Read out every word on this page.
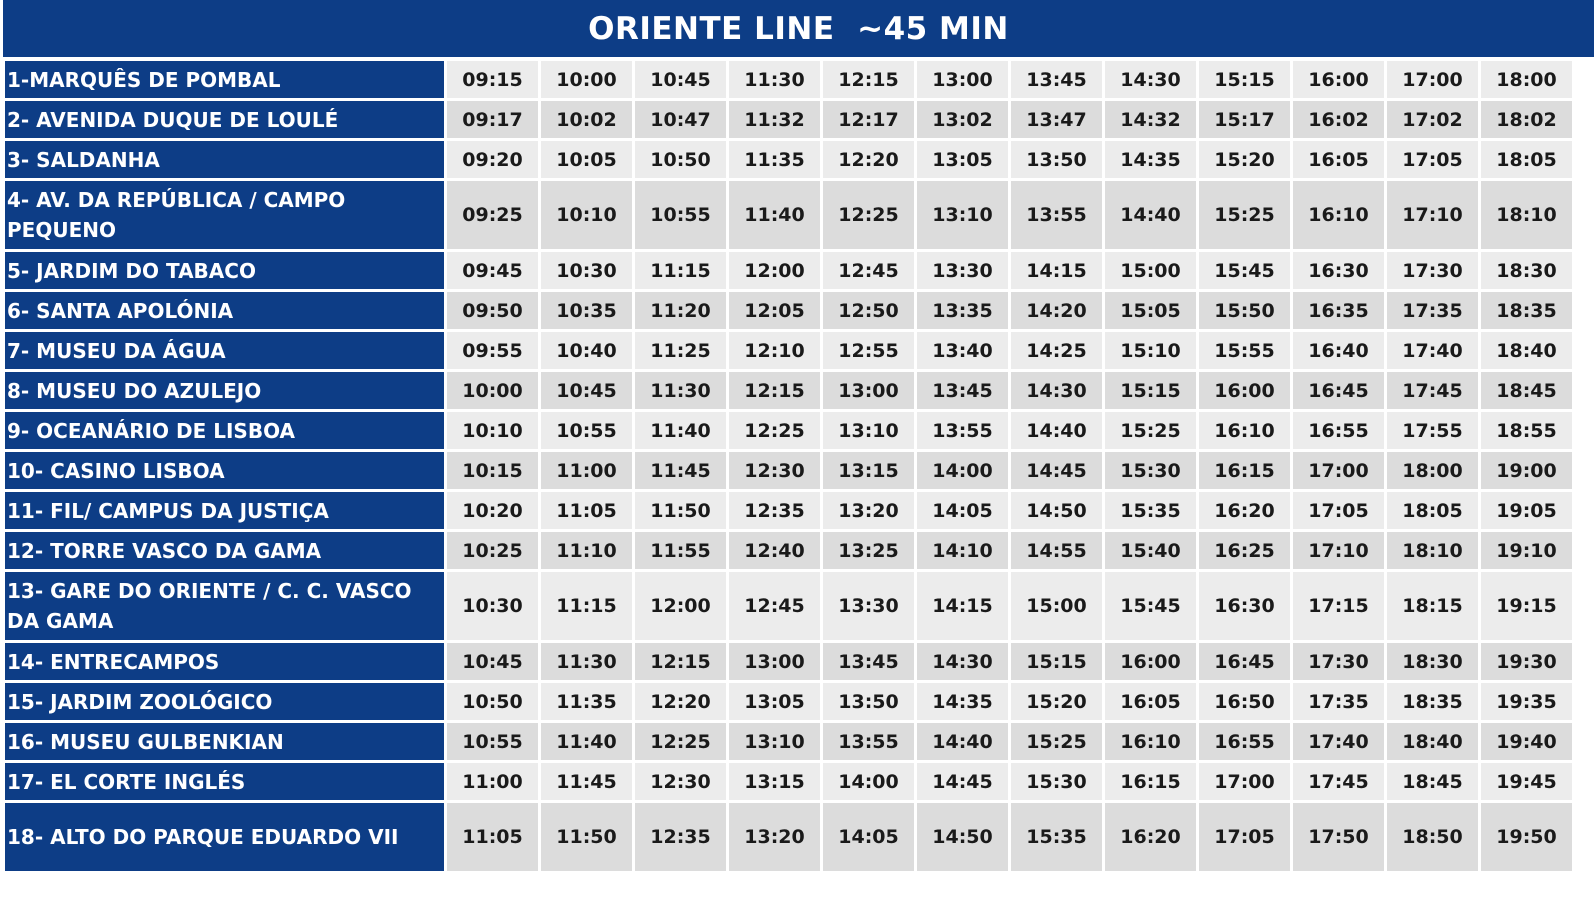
ORIENTE LINE  ~45 MIN
1-MARQUÊS DE POMBAL	09:15	10:00	10:45	11:30	12:15	13:00	13:45	14:30	15:15	16:00	17:00	18:00
2- AVENIDA DUQUE DE LOULÉ	09:17	10:02	10:47	11:32	12:17	13:02	13:47	14:32	15:17	16:02	17:02	18:02
3- SALDANHA	09:20	10:05	10:50	11:35	12:20	13:05	13:50	14:35	15:20	16:05	17:05	18:05
4- AV. DA REPÚBLICA / CAMPO PEQUENO	09:25	10:10	10:55	11:40	12:25	13:10	13:55	14:40	15:25	16:10	17:10	18:10
5- JARDIM DO TABACO	09:45	10:30	11:15	12:00	12:45	13:30	14:15	15:00	15:45	16:30	17:30	18:30
6- SANTA APOLÓNIA	09:50	10:35	11:20	12:05	12:50	13:35	14:20	15:05	15:50	16:35	17:35	18:35
7- MUSEU DA ÁGUA	09:55	10:40	11:25	12:10	12:55	13:40	14:25	15:10	15:55	16:40	17:40	18:40
8- MUSEU DO AZULEJO	10:00	10:45	11:30	12:15	13:00	13:45	14:30	15:15	16:00	16:45	17:45	18:45
9- OCEANÁRIO DE LISBOA	10:10	10:55	11:40	12:25	13:10	13:55	14:40	15:25	16:10	16:55	17:55	18:55
10- CASINO LISBOA	10:15	11:00	11:45	12:30	13:15	14:00	14:45	15:30	16:15	17:00	18:00	19:00
11- FIL/ CAMPUS DA JUSTIÇA	10:20	11:05	11:50	12:35	13:20	14:05	14:50	15:35	16:20	17:05	18:05	19:05
12- TORRE VASCO DA GAMA	10:25	11:10	11:55	12:40	13:25	14:10	14:55	15:40	16:25	17:10	18:10	19:10
13- GARE DO ORIENTE / C. C. VASCO DA GAMA	10:30	11:15	12:00	12:45	13:30	14:15	15:00	15:45	16:30	17:15	18:15	19:15
14- ENTRECAMPOS	10:45	11:30	12:15	13:00	13:45	14:30	15:15	16:00	16:45	17:30	18:30	19:30
15- JARDIM ZOOLÓGICO	10:50	11:35	12:20	13:05	13:50	14:35	15:20	16:05	16:50	17:35	18:35	19:35
16- MUSEU GULBENKIAN	10:55	11:40	12:25	13:10	13:55	14:40	15:25	16:10	16:55	17:40	18:40	19:40
17- EL CORTE INGLÉS	11:00	11:45	12:30	13:15	14:00	14:45	15:30	16:15	17:00	17:45	18:45	19:45
18- ALTO DO PARQUE EDUARDO VII	11:05	11:50	12:35	13:20	14:05	14:50	15:35	16:20	17:05	17:50	18:50	19:50
